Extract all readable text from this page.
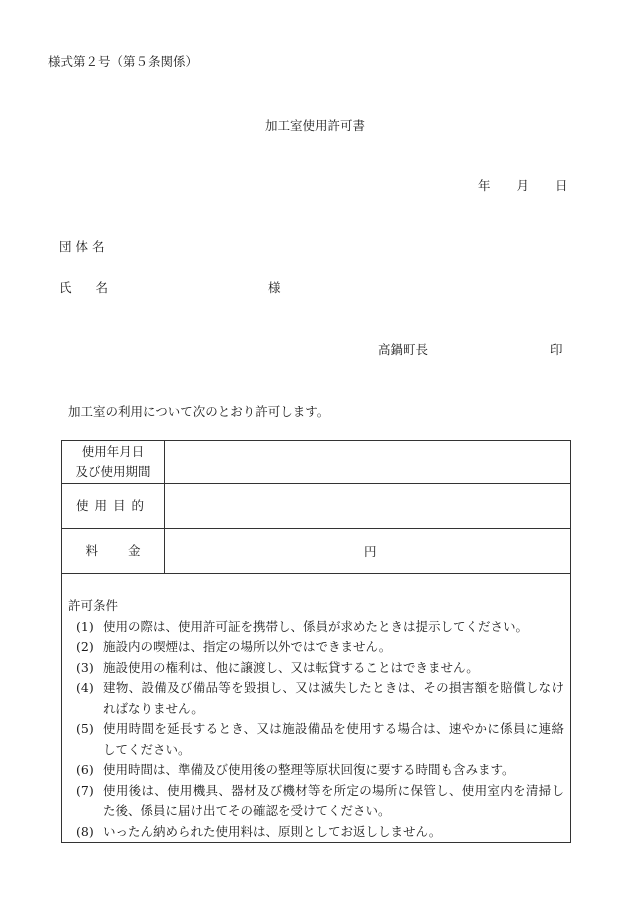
様式第２号（第５条関係）
加工室使用許可書
年 月 日
団体名
氏 名	様
高鍋町長	印
加工室の利用について次のとおり許可します。
使用年月日
及び使用期間
使用目的
料 金	円
許可条件
(1) 使用の際は、使用許可証を携帯し、係員が求めたときは提示してください。
(2) 施設内の喫煙は、指定の場所以外ではできません。
(3) 施設使用の権利は、他に譲渡し、又は転貸することはできません。
(4) 建物、設備及び備品等を毀損し、又は滅失したときは、その損害額を賠償しなければなりません。
(5) 使用時間を延長するとき、又は施設備品を使用する場合は、速やかに係員に連絡してください。
(6) 使用時間は、準備及び使用後の整理等原状回復に要する時間も含みます。
(7) 使用後は、使用機具、器材及び機材等を所定の場所に保管し、使用室内を清掃した後、係員に届け出てその確認を受けてください。
(8) いったん納められた使用料は、原則としてお返ししません。
